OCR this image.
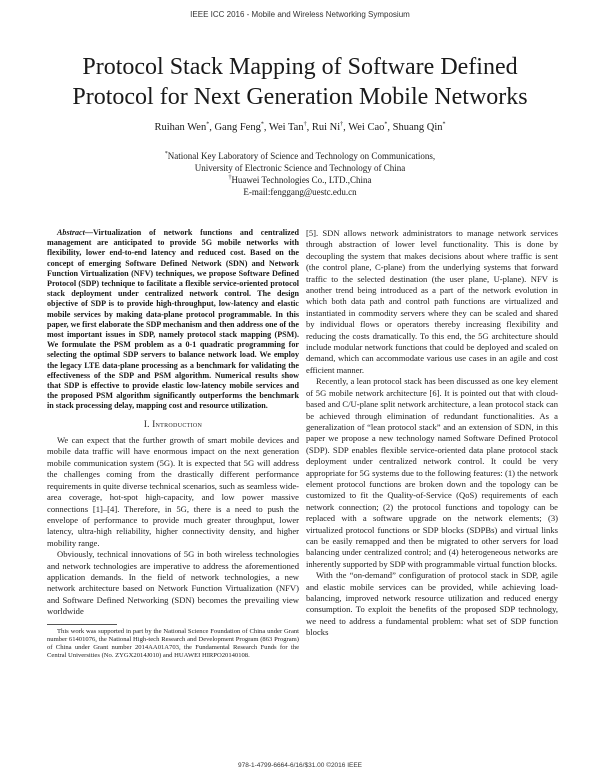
IEEE ICC 2016 - Mobile and Wireless Networking Symposium
Protocol Stack Mapping of Software Defined
Protocol for Next Generation Mobile Networks
Ruihan Wen*, Gang Feng*, Wei Tan†, Rui Ni†, Wei Cao*, Shuang Qin*
*National Key Laboratory of Science and Technology on Communications,
University of Electronic Science and Technology of China
†Huawei Technologies Co., LTD.,China
E-mail:fenggang@uestc.edu.cn

Abstract—Virtualization of network functions and centralized management are anticipated to provide 5G mobile networks with flexibility, lower end-to-end latency and reduced cost. Based on the concept of emerging Software Defined Network (SDN) and Network Function Virtualization (NFV) techniques, we propose Software Defined Protocol (SDP) technique to facilitate a flexible service-oriented protocol stack deployment under centralized network control. The design objective of SDP is to provide high-throughput, low-latency and elastic mobile services by making data-plane protocol programmable. In this paper, we first elaborate the SDP mechanism and then address one of the most important issues in SDP, namely protocol stack mapping (PSM). We formulate the PSM problem as a 0-1 quadratic programming for selecting the optimal SDP servers to balance network load. We employ the legacy LTE data-plane processing as a benchmark for validating the effectiveness of the SDP and PSM algorithm. Numerical results show that SDP is effective to provide elastic low-latency mobile services and the proposed PSM algorithm significantly outperforms the benchmark in stack processing delay, mapping cost and resource utilization.

I. Introduction

We can expect that the further growth of smart mobile devices and mobile data traffic will have enormous impact on the next generation mobile communication system (5G). It is expected that 5G will address the challenges coming from the drastically different performance requirements in quite diverse technical scenarios, such as seamless wide-area coverage, hot-spot high-capacity, and low power massive connections [1]–[4]. Therefore, in 5G, there is a need to push the envelope of performance to provide much greater throughput, lower latency, ultra-high reliability, higher connectivity density, and higher mobility range.

Obviously, technical innovations of 5G in both wireless technologies and network technologies are imperative to address the aforementioned application demands. In the field of network technologies, a new network architecture based on Network Function Virtualization (NFV) and Software Defined Networking (SDN) becomes the prevailing view worldwide

This work was supported in part by the National Science Foundation of China under Grant number 61401076, the National High-tech Research and Development Program (863 Program) of China under Grant number 2014AA01A703, the Fundamental Research Funds for the Central Universities (No. ZYGX2014J010) and HUAWEI HIRPO20140108.

[5]. SDN allows network administrators to manage network services through abstraction of lower level functionality. This is done by decoupling the system that makes decisions about where traffic is sent (the control plane, C-plane) from the underlying systems that forward traffic to the selected destination (the user plane, U-plane). NFV is another trend being introduced as a part of the network evolution in which both data path and control path functions are virtualized and instantiated in commodity servers where they can be scaled and shared by individual flows or operators thereby increasing flexibility and reducing the costs dramatically. To this end, the 5G architecture should include modular network functions that could be deployed and scaled on demand, which can accommodate various use cases in an agile and cost efficient manner.

Recently, a lean protocol stack has been discussed as one key element of 5G mobile network architecture [6]. It is pointed out that with cloud-based and C/U-plane split network architecture, a lean protocol stack can be achieved through elimination of redundant functionalities. As a generalization of “lean protocol stack” and an extension of SDN, in this paper we propose a new technology named Software Defined Protocol (SDP). SDP enables flexible service-oriented data plane protocol stack deployment under centralized network control. It could be very appropriate for 5G systems due to the following features: (1) the network element protocol functions are broken down and the topology can be customized to fit the Quality-of-Service (QoS) requirements of each network connection; (2) the protocol functions and topology can be replaced with a software upgrade on the network elements; (3) virtualized protocol functions or SDP blocks (SDPBs) and virtual links can be easily remapped and then be migrated to other servers for load balancing under centralized control; and (4) heterogeneous networks are inherently supported by SDP with programmable virtual function blocks.

With the “on-demand” configuration of protocol stack in SDP, agile and elastic mobile services can be provided, while achieving load-balancing, improved network resource utilization and reduced energy consumption. To exploit the benefits of the proposed SDP technology, we need to address a fundamental problem: what set of SDP function blocks

978-1-4799-6664-6/16/$31.00 ©2016 IEEE
